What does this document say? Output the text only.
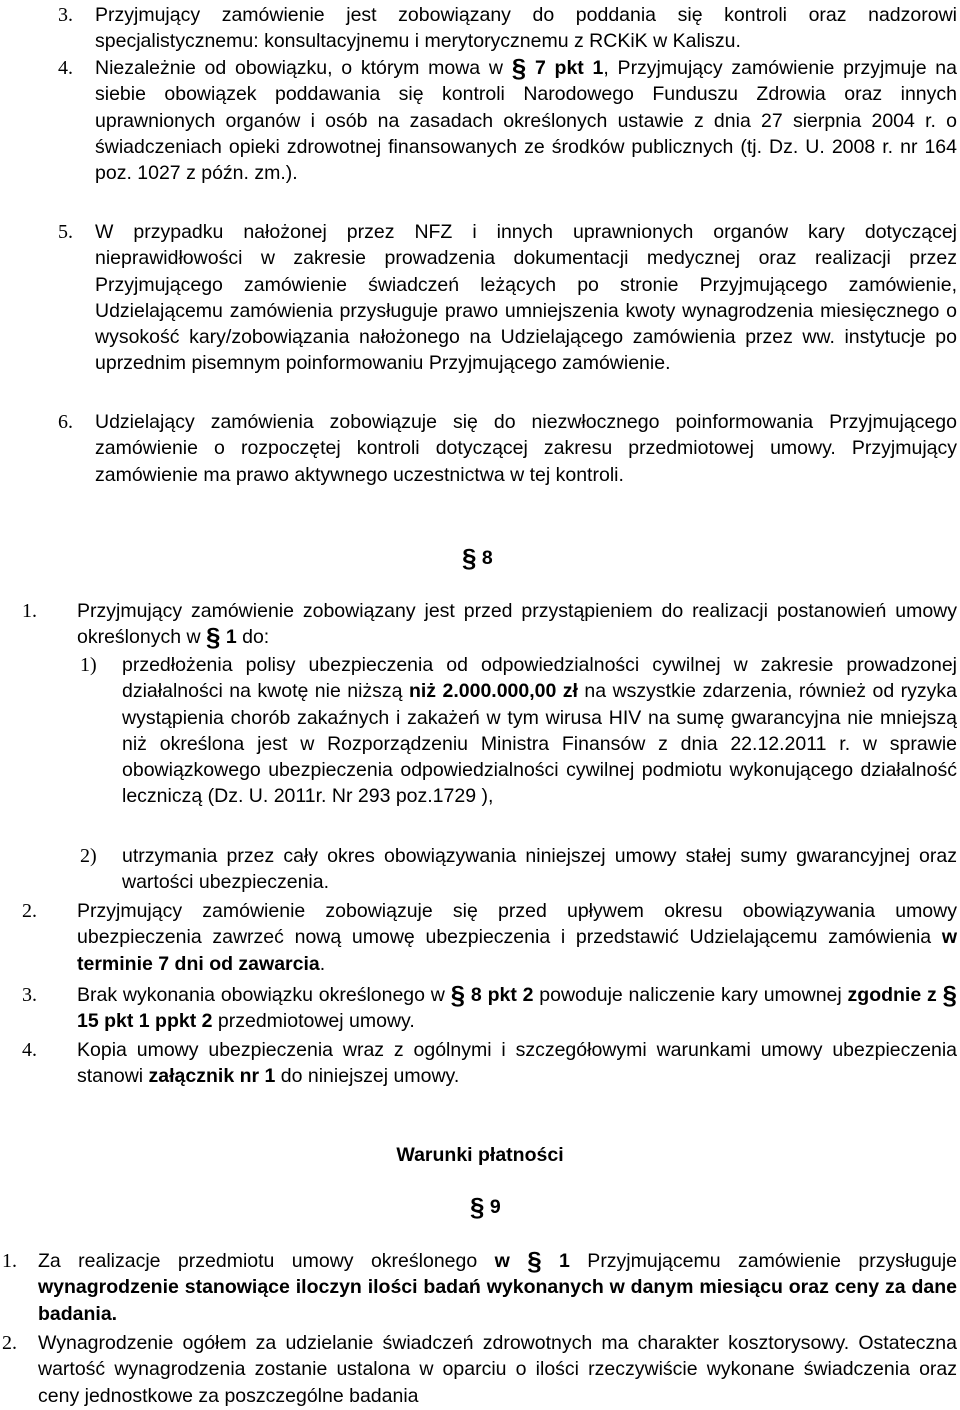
3. Przyjmujący zamówienie jest zobowiązany do poddania się kontroli oraz nadzorowi specjalistycznemu: konsultacyjnemu i merytorycznemu z RCKiK w Kaliszu.
4. Niezależnie od obowiązku, o którym mowa w § 7 pkt 1, Przyjmujący zamówienie przyjmuje na siebie obowiązek poddawania się kontroli Narodowego Funduszu Zdrowia oraz innych uprawnionych organów i osób na zasadach określonych ustawie z dnia 27 sierpnia 2004 r. o świadczeniach opieki zdrowotnej finansowanych ze środków publicznych (tj. Dz. U. 2008 r. nr 164 poz. 1027 z późn. zm.).
5. W przypadku nałożonej przez NFZ i innych uprawnionych organów kary dotyczącej nieprawidłowości w zakresie prowadzenia dokumentacji medycznej oraz realizacji przez Przyjmującego zamówienie świadczeń leżących po stronie Przyjmującego zamówienie, Udzielającemu zamówienia przysługuje prawo umniejszenia kwoty wynagrodzenia miesięcznego o wysokość kary/zobowiązania nałożonego na Udzielającego zamówienia przez ww. instytucje po uprzednim pisemnym poinformowaniu Przyjmującego zamówienie.
6. Udzielający zamówienia zobowiązuje się do niezwłocznego poinformowania Przyjmującego zamówienie o rozpoczętej kontroli dotyczącej zakresu przedmiotowej umowy. Przyjmujący zamówienie ma prawo aktywnego uczestnictwa w tej kontroli.
§ 8
1. Przyjmujący zamówienie zobowiązany jest przed przystąpieniem do realizacji postanowień umowy określonych w § 1 do:
1) przedłożenia polisy ubezpieczenia od odpowiedzialności cywilnej w zakresie prowadzonej działalności na kwotę nie niższą niż 2.000.000,00 zł na wszystkie zdarzenia, również od ryzyka wystąpienia chorób zakaźnych i zakażeń w tym wirusa HIV na sumę gwarancyjna nie mniejszą niż określona jest w Rozporządzeniu Ministra Finansów z dnia 22.12.2011 r. w sprawie obowiązkowego ubezpieczenia odpowiedzialności cywilnej podmiotu wykonującego działalność leczniczą (Dz. U. 2011r. Nr 293 poz.1729 ),
2) utrzymania przez cały okres obowiązywania niniejszej umowy stałej sumy gwarancyjnej oraz wartości ubezpieczenia.
2. Przyjmujący zamówienie zobowiązuje się przed upływem okresu obowiązywania umowy ubezpieczenia zawrzeć nową umowę ubezpieczenia i przedstawić Udzielającemu zamówienia w terminie 7 dni od zawarcia.
3. Brak wykonania obowiązku określonego w § 8 pkt 2 powoduje naliczenie kary umownej zgodnie z § 15 pkt 1 ppkt 2 przedmiotowej umowy.
4. Kopia umowy ubezpieczenia wraz z ogólnymi i szczegółowymi warunkami umowy ubezpieczenia stanowi załącznik nr 1 do niniejszej umowy.
Warunki płatności
§ 9
1. Za realizacje przedmiotu umowy określonego w § 1 Przyjmującemu zamówienie przysługuje wynagrodzenie stanowiące iloczyn ilości badań wykonanych w danym miesiącu oraz ceny za dane badania.
2. Wynagrodzenie ogółem za udzielanie świadczeń zdrowotnych ma charakter kosztorysowy. Ostateczna wartość wynagrodzenia zostanie ustalona w oparciu o ilości rzeczywiście wykonane świadczenia oraz ceny jednostkowe za poszczególne badania
